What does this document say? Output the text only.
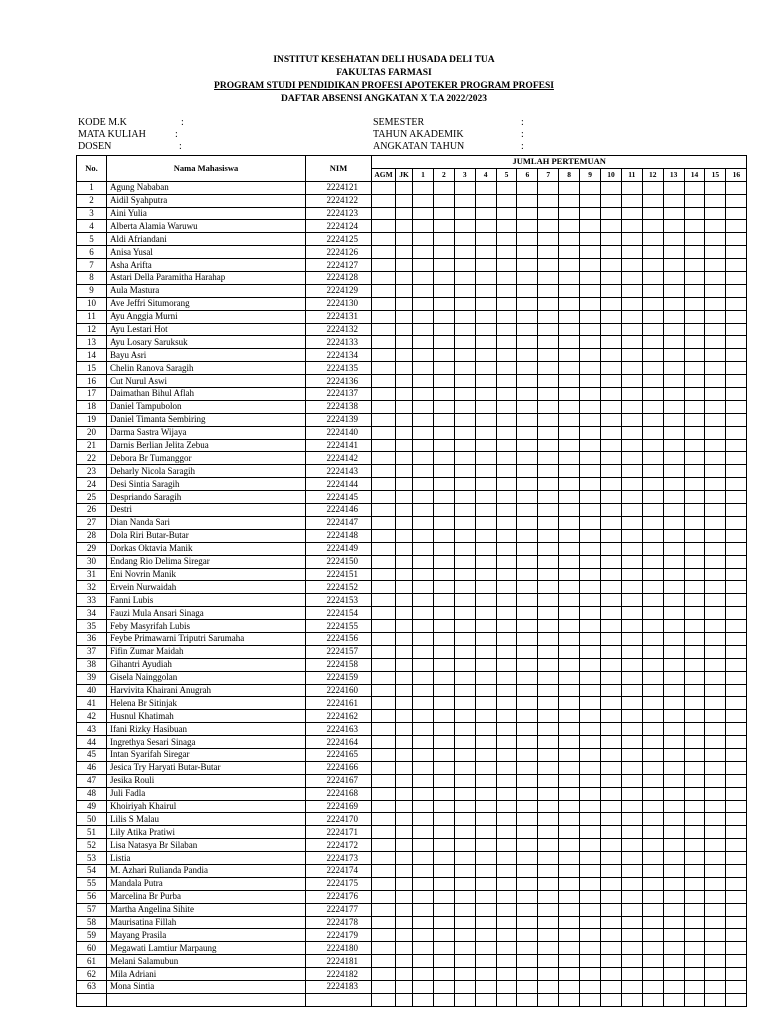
INSTITUT KESEHATAN DELI HUSADA DELI TUA
FAKULTAS FARMASI
PROGRAM STUDI PENDIDIKAN PROFESI APOTEKER PROGRAM PROFESI
DAFTAR ABSENSI ANGKATAN X T.A 2022/2023
KODE M.K	:
MATA KULIAH	:
DOSEN	:
SEMESTER	:
TAHUN AKADEMIK	:
ANGKATAN TAHUN	:
No.	Nama Mahasiswa	NIM	JUMLAH PERTEMUAN																	
			AGM	JK	1	2	3	4	5	6	7	8	9	10	11	12	13	14	15	16
1	Agung Nababan	2224121																		
2	Aidil Syahputra	2224122																		
3	Aini Yulia	2224123																		
4	Alberta Alamia Waruwu	2224124																		
5	Aldi Afriandani	2224125																		
6	Anisa Yusal	2224126																		
7	Asha Arifta	2224127																		
8	Astari Della Paramitha Harahap	2224128																		
9	Aula Mastura	2224129																		
10	Ave Jeffri Situmorang	2224130																		
11	Ayu Anggia Murni	2224131																		
12	Ayu Lestari Hot	2224132																		
13	Ayu Losary Saruksuk	2224133																		
14	Bayu Asri	2224134																		
15	Chelin Ranova Saragih	2224135																		
16	Cut Nurul Aswi	2224136																		
17	Daimathan Bihul Aflah	2224137																		
18	Daniel Tampubolon	2224138																		
19	Daniel Timanta Sembiring	2224139																		
20	Darma Sastra Wijaya	2224140																		
21	Darnis Berlian Jelita Zebua	2224141																		
22	Debora Br Tumanggor	2224142																		
23	Deharly Nicola Saragih	2224143																		
24	Desi Sintia Saragih	2224144																		
25	Despriando Saragih	2224145																		
26	Destri	2224146																		
27	Dian Nanda Sari	2224147																		
28	Dola Riri Butar-Butar	2224148																		
29	Dorkas Oktavia Manik	2224149																		
30	Endang Rio Delima Siregar	2224150																		
31	Eni Novrin Manik	2224151																		
32	Ervein Nurwaidah	2224152																		
33	Fanni Lubis	2224153																		
34	Fauzi Mula Ansari Sinaga	2224154																		
35	Feby Masyrifah Lubis	2224155																		
36	Feybe Primawarni Triputri Sarumaha	2224156																		
37	Fifin Zumar Maidah	2224157																		
38	Gihantri Ayudiah	2224158																		
39	Gisela Nainggolan	2224159																		
40	Harvivita Khairani Anugrah	2224160																		
41	Helena Br Sitinjak	2224161																		
42	Husnul Khatimah	2224162																		
43	Ifani Rizky Hasibuan	2224163																		
44	Ingrethya Sesari Sinaga	2224164																		
45	Intan Syarifah Siregar	2224165																		
46	Jesica Try Haryati Butar-Butar	2224166																		
47	Jesika Rouli	2224167																		
48	Juli Fadla	2224168																		
49	Khoiriyah Khairul	2224169																		
50	Lilis S Malau	2224170																		
51	Lily Atika Pratiwi	2224171																		
52	Lisa Natasya Br Silaban	2224172																		
53	Listia	2224173																		
54	M. Azhari Rulianda Pandia	2224174																		
55	Mandala Putra	2224175																		
56	Marcelina Br Purba	2224176																		
57	Martha Angelina Sihite	2224177																		
58	Maurisatina Fillah	2224178																		
59	Mayang Prasila	2224179																		
60	Megawati Lamtiur Marpaung	2224180																		
61	Melani Salamubun	2224181																		
62	Mila Adriani	2224182																		
63	Mona Sintia	2224183																		
